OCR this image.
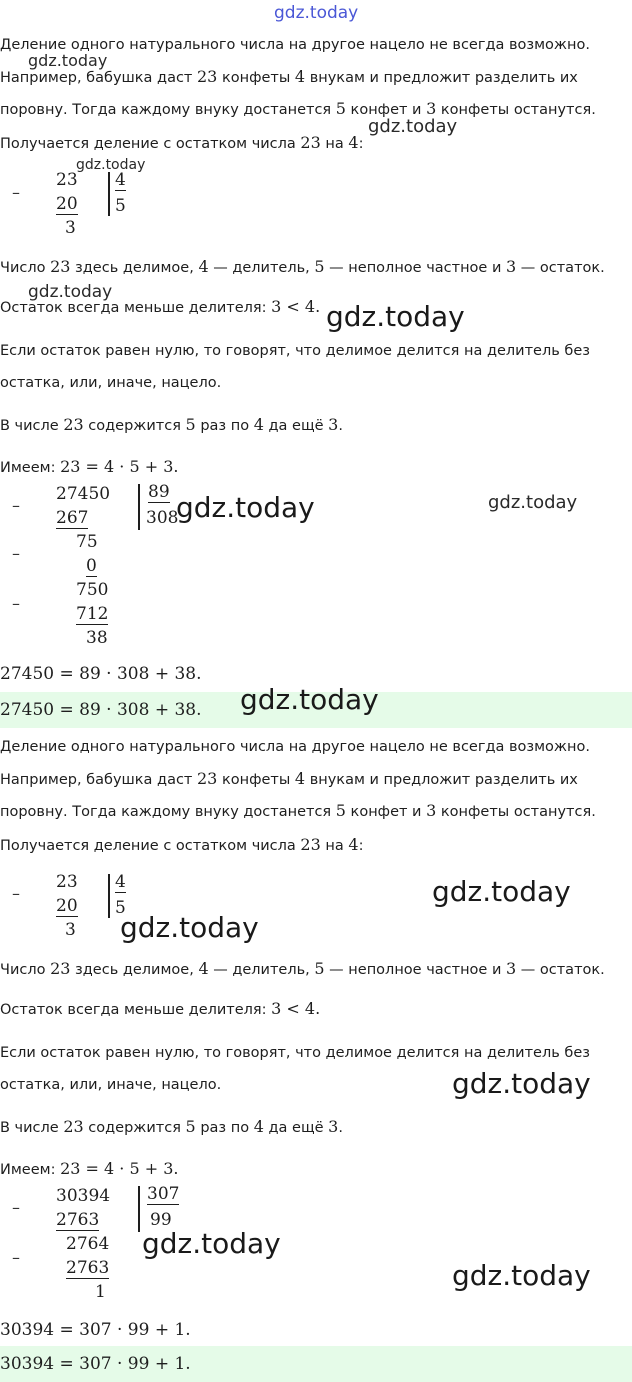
gdz.today

Деление одного натурального числа на другое нацело не всегда возможно.

Например, бабушка даст 23 конфеты 4 внукам и предложит разделить их

поровну. Тогда каждому внуку достанется 5 конфет и 3 конфеты останутся.

Получается деление с остатком числа 23 на 4:

–
23
20
3
4
5

Число 23 здесь делимое, 4 — делитель, 5 — неполное частное и 3 — остаток.

Остаток всегда меньше делителя: 3 < 4.

Если остаток равен нулю, то говорят, что делимое делится на делитель без

остатка, или, иначе, нацело.

В числе 23 содержится 5 раз по 4 да ещё 3.

Имеем: 23 = 4 · 5 + 3.

–
27450
267
–
75
0
–
750
712
38
89
308
27450 = 89 · 308 + 38.
27450 = 89 · 308 + 38.

Деление одного натурального числа на другое нацело не всегда возможно.

Например, бабушка даст 23 конфеты 4 внукам и предложит разделить их

поровну. Тогда каждому внуку достанется 5 конфет и 3 конфеты останутся.

Получается деление с остатком числа 23 на 4:

–
23
20
3
4
5

Число 23 здесь делимое, 4 — делитель, 5 — неполное частное и 3 — остаток.

Остаток всегда меньше делителя: 3 < 4.

Если остаток равен нулю, то говорят, что делимое делится на делитель без

остатка, или, иначе, нацело.

В числе 23 содержится 5 раз по 4 да ещё 3.

Имеем: 23 = 4 · 5 + 3.

–
30394
2763
–
2764
2763
1
307
99
30394 = 307 · 99 + 1.
30394 = 307 · 99 + 1.
gdz.today
gdz.today
gdz.today
gdz.today
gdz.today
gdz.today	gdz.today
gdz.today
gdz.today
gdz.today
gdz.today
gdz.today
gdz.today
